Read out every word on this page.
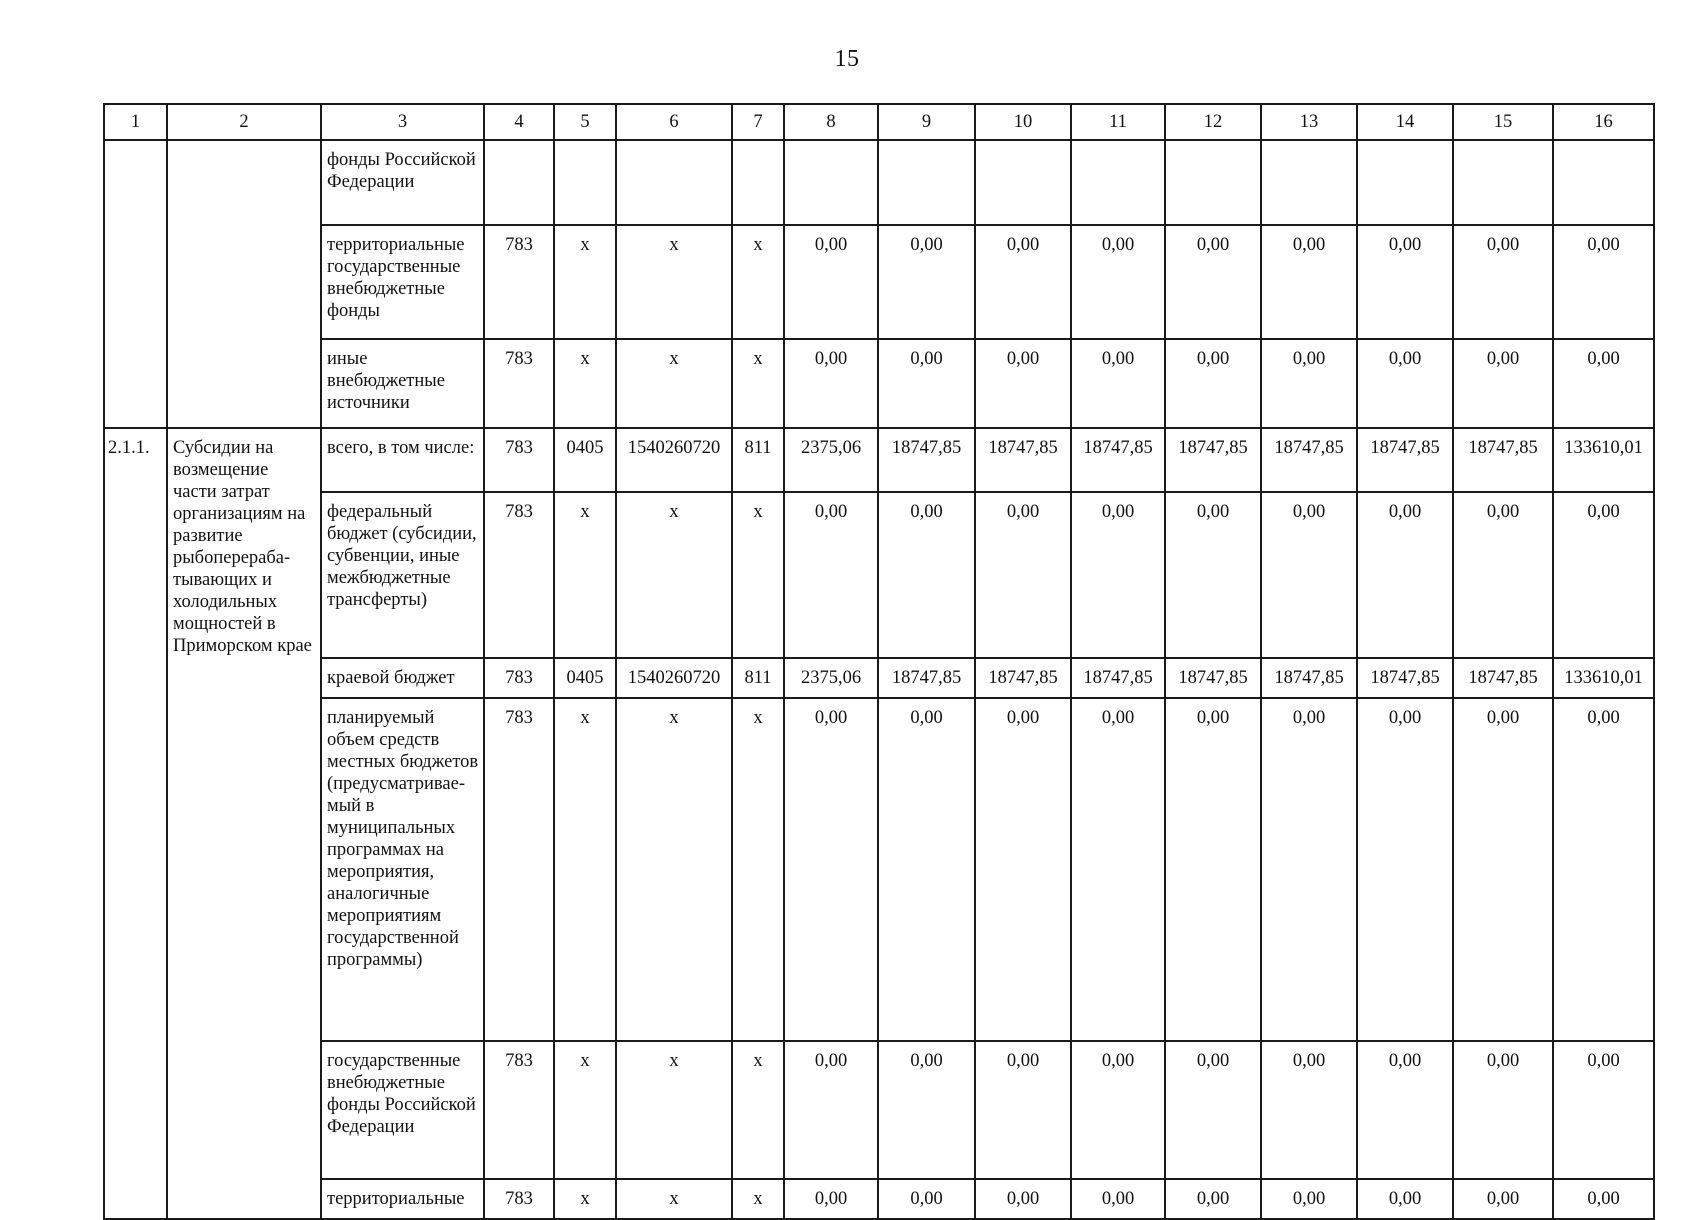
15
1	2	3	4	5	6	7	8	9	10	11	12	13	14	15	16
		фонды Российской Федерации													
		территориальные государственные внебюджетные фонды	783	х	х	х	0,00	0,00	0,00	0,00	0,00	0,00	0,00	0,00	0,00
		иные внебюджетные источники	783	х	х	х	0,00	0,00	0,00	0,00	0,00	0,00	0,00	0,00	0,00
2.1.1.	Субсидии на возмещение части затрат организациям на развитие рыбоперераба-тывающих и холодильных мощностей в Приморском крае	всего, в том числе:	783	0405	1540260720	811	2375,06	18747,85	18747,85	18747,85	18747,85	18747,85	18747,85	18747,85	133610,01
		федеральный бюджет (субсидии, субвенции, иные межбюджетные трансферты)	783	х	х	х	0,00	0,00	0,00	0,00	0,00	0,00	0,00	0,00	0,00
		краевой бюджет	783	0405	1540260720	811	2375,06	18747,85	18747,85	18747,85	18747,85	18747,85	18747,85	18747,85	133610,01
		планируемый объем средств местных бюджетов (предусматривае-мый в муниципальных программах на мероприятия, аналогичные мероприятиям государственной программы)	783	х	х	х	0,00	0,00	0,00	0,00	0,00	0,00	0,00	0,00	0,00
		государственные внебюджетные фонды Российской Федерации	783	х	х	х	0,00	0,00	0,00	0,00	0,00	0,00	0,00	0,00	0,00
		территориальные	783	х	х	х	0,00	0,00	0,00	0,00	0,00	0,00	0,00	0,00	0,00
